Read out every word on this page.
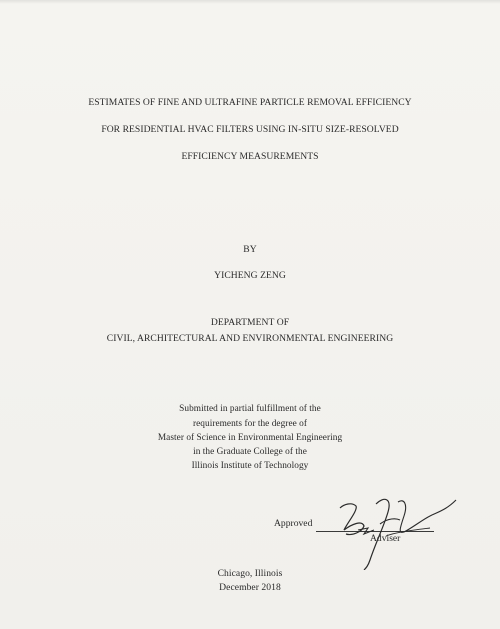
ESTIMATES OF FINE AND ULTRAFINE PARTICLE REMOVAL EFFICIENCY
FOR RESIDENTIAL HVAC FILTERS USING IN-SITU SIZE-RESOLVED
EFFICIENCY MEASUREMENTS
BY
YICHENG ZENG
DEPARTMENT OF
CIVIL, ARCHITECTURAL AND ENVIRONMENTAL ENGINEERING
Submitted in partial fulfillment of the
requirements for the degree of
Master of Science in Environmental Engineering
in the Graduate College of the
Illinois Institute of Technology
Approved
Adviser
Chicago, Illinois
December 2018
